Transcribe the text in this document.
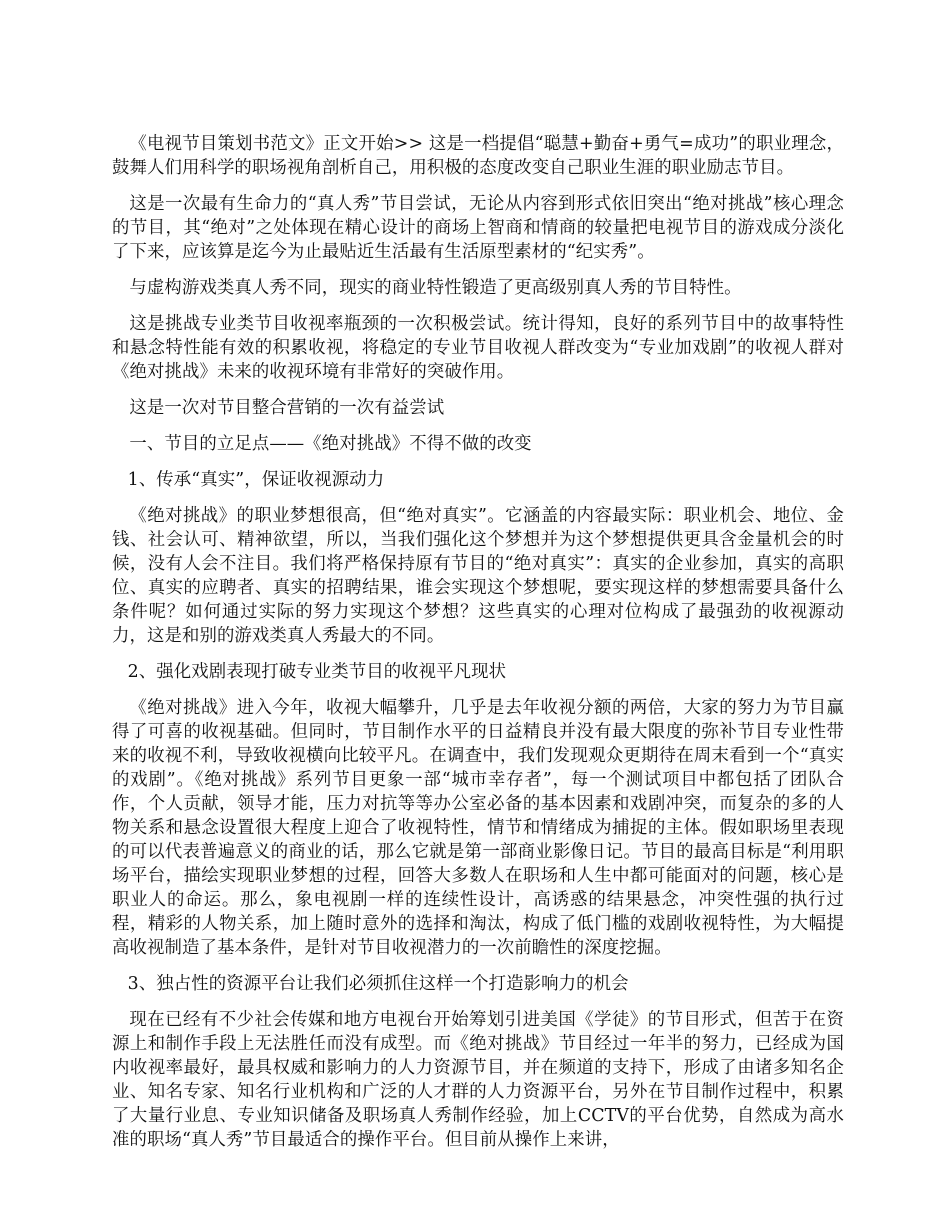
《电视节目策划书范文》正文开始>> 这是一档提倡“聪慧+勤奋+勇气=成功”的职业理念，鼓舞人们用科学的职场视角剖析自己，用积极的态度改变自己职业生涯的职业励志节目。

这是一次最有生命力的“真人秀”节目尝试，无论从内容到形式依旧突出“绝对挑战”核心理念的节目，其“绝对”之处体现在精心设计的商场上智商和情商的较量把电视节目的游戏成分淡化了下来，应该算是迄今为止最贴近生活最有生活原型素材的“纪实秀”。

与虚构游戏类真人秀不同，现实的商业特性锻造了更高级别真人秀的节目特性。

这是挑战专业类节目收视率瓶颈的一次积极尝试。统计得知，良好的系列节目中的故事特性和悬念特性能有效的积累收视，将稳定的专业节目收视人群改变为“专业加戏剧”的收视人群对《绝对挑战》未来的收视环境有非常好的突破作用。

这是一次对节目整合营销的一次有益尝试

一、节目的立足点——《绝对挑战》不得不做的改变

1、传承“真实”，保证收视源动力

《绝对挑战》的职业梦想很高，但“绝对真实”。它涵盖的内容最实际：职业机会、地位、金钱、社会认可、精神欲望，所以，当我们强化这个梦想并为这个梦想提供更具含金量机会的时候，没有人会不注目。我们将严格保持原有节目的“绝对真实”：真实的企业参加，真实的高职位、真实的应聘者、真实的招聘结果，谁会实现这个梦想呢，要实现这样的梦想需要具备什么条件呢？如何通过实际的努力实现这个梦想？这些真实的心理对位构成了最强劲的收视源动力，这是和别的游戏类真人秀最大的不同。

2、强化戏剧表现打破专业类节目的收视平凡现状

《绝对挑战》进入今年，收视大幅攀升，几乎是去年收视分额的两倍，大家的努力为节目赢得了可喜的收视基础。但同时，节目制作水平的日益精良并没有最大限度的弥补节目专业性带来的收视不利，导致收视横向比较平凡。在调查中，我们发现观众更期待在周末看到一个“真实的戏剧”。《绝对挑战》系列节目更象一部“城市幸存者”，每一个测试项目中都包括了团队合作，个人贡献，领导才能，压力对抗等等办公室必备的基本因素和戏剧冲突，而复杂的多的人物关系和悬念设置很大程度上迎合了收视特性，情节和情绪成为捕捉的主体。假如职场里表现的可以代表普遍意义的商业的话，那么它就是第一部商业影像日记。节目的最高目标是“利用职场平台，描绘实现职业梦想的过程，回答大多数人在职场和人生中都可能面对的问题，核心是职业人的命运。那么，象电视剧一样的连续性设计，高诱惑的结果悬念，冲突性强的执行过程，精彩的人物关系，加上随时意外的选择和淘汰，构成了低门槛的戏剧收视特性，为大幅提高收视制造了基本条件，是针对节目收视潜力的一次前瞻性的深度挖掘。

3、独占性的资源平台让我们必须抓住这样一个打造影响力的机会

现在已经有不少社会传媒和地方电视台开始筹划引进美国《学徒》的节目形式，但苦于在资源上和制作手段上无法胜任而没有成型。而《绝对挑战》节目经过一年半的努力，已经成为国内收视率最好，最具权威和影响力的人力资源节目，并在频道的支持下，形成了由诸多知名企业、知名专家、知名行业机构和广泛的人才群的人力资源平台，另外在节目制作过程中，积累了大量行业息、专业知识储备及职场真人秀制作经验，加上CCTV的平台优势，自然成为高水准的职场“真人秀”节目最适合的操作平台。但目前从操作上来讲，
